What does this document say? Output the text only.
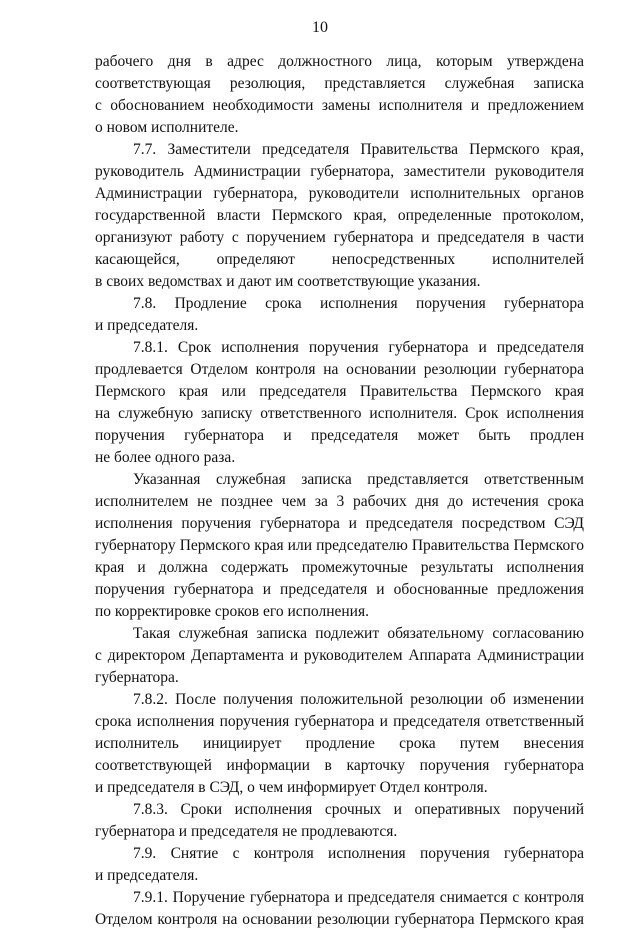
10
рабочего дня в адрес должностного лица, которым утверждена
соответствующая резолюция, представляется служебная записка
с обоснованием необходимости замены исполнителя и предложением
о новом исполнителе.
7.7. Заместители председателя Правительства Пермского края,
руководитель Администрации губернатора, заместители руководителя
Администрации губернатора, руководители исполнительных органов
государственной власти Пермского края, определенные протоколом,
организуют работу с поручением губернатора и председателя в части
касающейся, определяют непосредственных исполнителей
в своих ведомствах и дают им соответствующие указания.
7.8. Продление срока исполнения поручения губернатора
и председателя.
7.8.1. Срок исполнения поручения губернатора и председателя
продлевается Отделом контроля на основании резолюции губернатора
Пермского края или председателя Правительства Пермского края
на служебную записку ответственного исполнителя. Срок исполнения
поручения губернатора и председателя может быть продлен
не более одного раза.
Указанная служебная записка представляется ответственным
исполнителем не позднее чем за 3 рабочих дня до истечения срока
исполнения поручения губернатора и председателя посредством СЭД
губернатору Пермского края или председателю Правительства Пермского
края и должна содержать промежуточные результаты исполнения
поручения губернатора и председателя и обоснованные предложения
по корректировке сроков его исполнения.
Такая служебная записка подлежит обязательному согласованию
с директором Департамента и руководителем Аппарата Администрации
губернатора.
7.8.2. После получения положительной резолюции об изменении
срока исполнения поручения губернатора и председателя ответственный
исполнитель инициирует продление срока путем внесения
соответствующей информации в карточку поручения губернатора
и председателя в СЭД, о чем информирует Отдел контроля.
7.8.3. Сроки исполнения срочных и оперативных поручений
губернатора и председателя не продлеваются.
7.9. Снятие с контроля исполнения поручения губернатора
и председателя.
7.9.1. Поручение губернатора и председателя снимается с контроля
Отделом контроля на основании резолюции губернатора Пермского края
